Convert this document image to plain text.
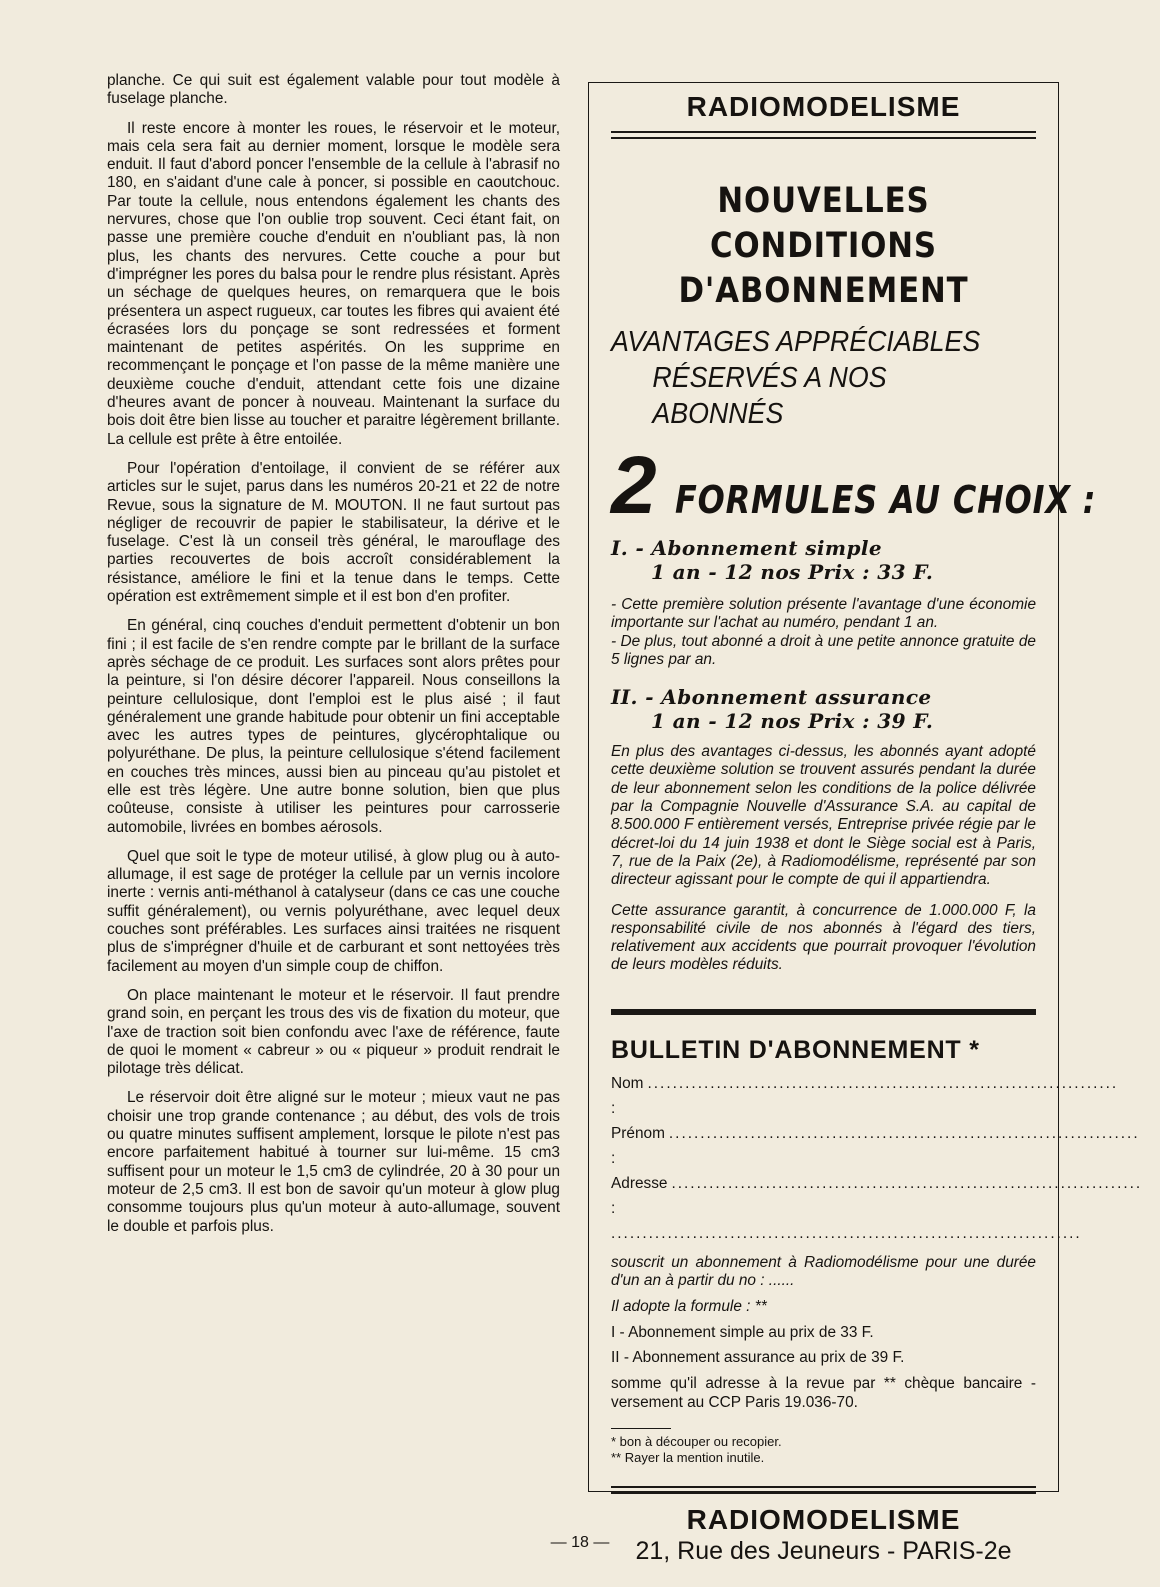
planche. Ce qui suit est également valable pour tout modèle à fuselage planche.

Il reste encore à monter les roues, le réservoir et le moteur, mais cela sera fait au dernier moment, lorsque le modèle sera enduit. Il faut d'abord poncer l'ensemble de la cellule à l'abrasif no 180, en s'aidant d'une cale à poncer, si possible en caoutchouc. Par toute la cellule, nous entendons également les chants des nervures, chose que l'on oublie trop souvent. Ceci étant fait, on passe une première couche d'enduit en n'oubliant pas, là non plus, les chants des nervures. Cette couche a pour but d'imprégner les pores du balsa pour le rendre plus résistant. Après un séchage de quelques heures, on remarquera que le bois présentera un aspect rugueux, car toutes les fibres qui avaient été écrasées lors du ponçage se sont redressées et forment maintenant de petites aspérités. On les supprime en recommençant le ponçage et l'on passe de la même manière une deuxième couche d'enduit, attendant cette fois une dizaine d'heures avant de poncer à nouveau. Maintenant la surface du bois doit être bien lisse au toucher et paraitre légèrement brillante. La cellule est prête à être entoilée.

Pour l'opération d'entoilage, il convient de se référer aux articles sur le sujet, parus dans les numéros 20-21 et 22 de notre Revue, sous la signature de M. MOUTON. Il ne faut surtout pas négliger de recouvrir de papier le stabilisateur, la dérive et le fuselage. C'est là un conseil très général, le marouflage des parties recouvertes de bois accroît considérablement la résistance, améliore le fini et la tenue dans le temps. Cette opération est extrêmement simple et il est bon d'en profiter.

En général, cinq couches d'enduit permettent d'obtenir un bon fini ; il est facile de s'en rendre compte par le brillant de la surface après séchage de ce produit. Les surfaces sont alors prêtes pour la peinture, si l'on désire décorer l'appareil. Nous conseillons la peinture cellulosique, dont l'emploi est le plus aisé ; il faut généralement une grande habitude pour obtenir un fini acceptable avec les autres types de peintures, glycérophtalique ou polyuréthane. De plus, la peinture cellulosique s'étend facilement en couches très minces, aussi bien au pinceau qu'au pistolet et elle est très légère. Une autre bonne solution, bien que plus coûteuse, consiste à utiliser les peintures pour carrosserie automobile, livrées en bombes aérosols.

Quel que soit le type de moteur utilisé, à glow plug ou à auto-allumage, il est sage de protéger la cellule par un vernis incolore inerte : vernis anti-méthanol à catalyseur (dans ce cas une couche suffit généralement), ou vernis polyuréthane, avec lequel deux couches sont préférables. Les surfaces ainsi traitées ne risquent plus de s'imprégner d'huile et de carburant et sont nettoyées très facilement au moyen d'un simple coup de chiffon.

On place maintenant le moteur et le réservoir. Il faut prendre grand soin, en perçant les trous des vis de fixation du moteur, que l'axe de traction soit bien confondu avec l'axe de référence, faute de quoi le moment « cabreur » ou « piqueur » produit rendrait le pilotage très délicat.

Le réservoir doit être aligné sur le moteur ; mieux vaut ne pas choisir une trop grande contenance ; au début, des vols de trois ou quatre minutes suffisent amplement, lorsque le pilote n'est pas encore parfaitement habitué à tourner sur lui-même. 15 cm3 suffisent pour un moteur le 1,5 cm3 de cylindrée, 20 à 30 pour un moteur de 2,5 cm3. Il est bon de savoir qu'un moteur à glow plug consomme toujours plus qu'un moteur à auto-allumage, souvent le double et parfois plus.

RADIOMODELISME
NOUVELLES CONDITIONS
D'ABONNEMENT
AVANTAGES APPRÉCIABLES
RÉSERVÉS A NOS ABONNÉS
2 FORMULES AU CHOIX :
I. - Abonnement simple
1 an - 12 nos Prix : 33 F.

- Cette première solution présente l'avantage d'une économie importante sur l'achat au numéro, pendant 1 an.

- De plus, tout abonné a droit à une petite annonce gratuite de 5 lignes par an.

II. - Abonnement assurance
1 an - 12 nos Prix : 39 F.

En plus des avantages ci-dessus, les abonnés ayant adopté cette deuxième solution se trouvent assurés pendant la durée de leur abonnement selon les conditions de la police délivrée par la Compagnie Nouvelle d'Assurance S.A. au capital de 8.500.000 F entièrement versés, Entreprise privée régie par le décret-loi du 14 juin 1938 et dont le Siège social est à Paris, 7, rue de la Paix (2e), à Radiomodélisme, représenté par son directeur agissant pour le compte de qui il appartiendra.

Cette assurance garantit, à concurrence de 1.000.000 F, la responsabilité civile de nos abonnés à l'égard des tiers, relativement aux accidents que pourrait provoquer l'évolution de leurs modèles réduits.

BULLETIN D'ABONNEMENT *
Nom :
...........................................................................
Prénom :
...........................................................................
Adresse :
...........................................................................
...........................................................................
souscrit un abonnement à Radiomodélisme pour une durée d'un an à partir du no : ......
Il adopte la formule : **
I - Abonnement simple au prix de 33 F.
II - Abonnement assurance au prix de 39 F.
somme qu'il adresse à la revue par ** chèque bancaire - versement au CCP Paris 19.036-70.
* bon à découper ou recopier.
** Rayer la mention inutile.
RADIOMODELISME
21, Rue des Jeuneurs - PARIS-2e
— 18 —
